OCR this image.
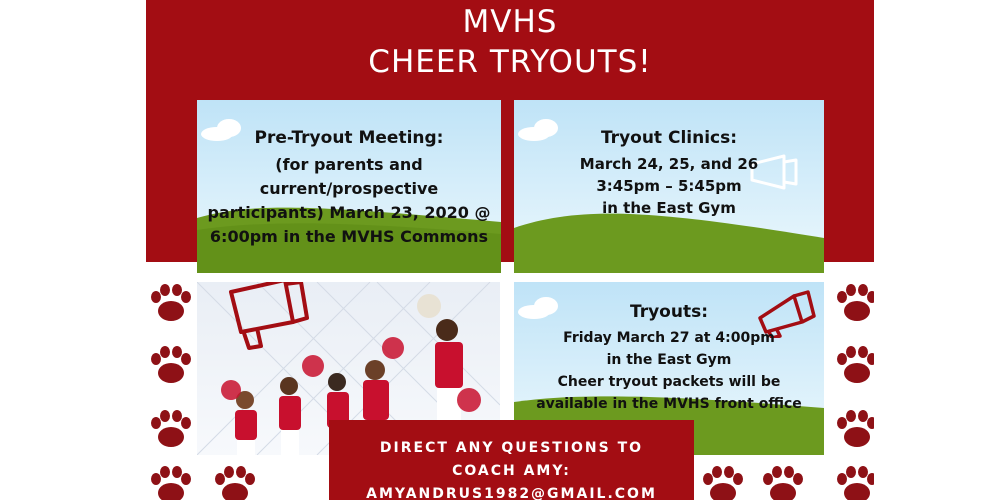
MVHS
CHEER TRYOUTS!
Pre-Tryout Meeting:
(for parents and
current/prospective
participants) March 23, 2020 @
6:00pm in the MVHS Commons
Tryout Clinics:
March 24, 25, and 26
3:45pm – 5:45pm
in the East Gym
Tryouts:
Friday March 27 at 4:00pm
in the East Gym
Cheer tryout packets will be
available in the MVHS front office
DIRECT ANY QUESTIONS TO
COACH AMY:
AMYANDRUS1982@GMAIL.COM
